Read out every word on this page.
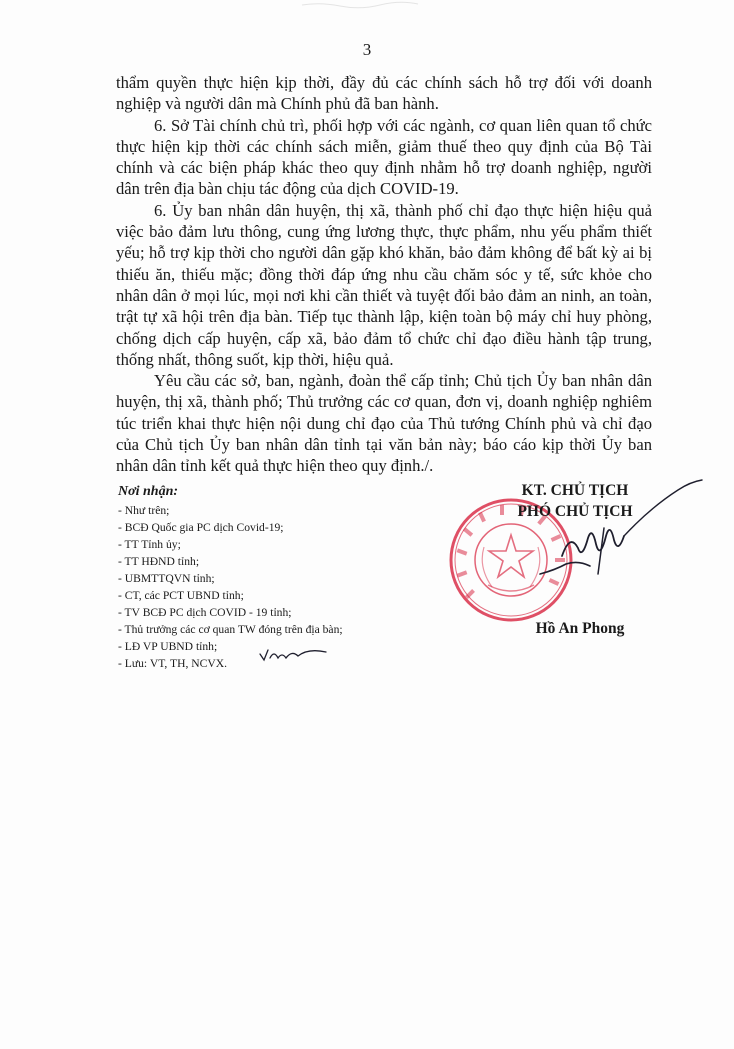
3

thẩm quyền thực hiện kịp thời, đầy đủ các chính sách hỗ trợ đối với doanh nghiệp và người dân mà Chính phủ đã ban hành.

6. Sở Tài chính chủ trì, phối hợp với các ngành, cơ quan liên quan tổ chức thực hiện kịp thời các chính sách miễn, giảm thuế theo quy định của Bộ Tài chính và các biện pháp khác theo quy định nhằm hỗ trợ doanh nghiệp, người dân trên địa bàn chịu tác động của dịch COVID-19.

6. Ủy ban nhân dân huyện, thị xã, thành phố chỉ đạo thực hiện hiệu quả việc bảo đảm lưu thông, cung ứng lương thực, thực phẩm, nhu yếu phẩm thiết yếu; hỗ trợ kịp thời cho người dân gặp khó khăn, bảo đảm không để bất kỳ ai bị thiếu ăn, thiếu mặc; đồng thời đáp ứng nhu cầu chăm sóc y tế, sức khỏe cho nhân dân ở mọi lúc, mọi nơi khi cần thiết và tuyệt đối bảo đảm an ninh, an toàn, trật tự xã hội trên địa bàn. Tiếp tục thành lập, kiện toàn bộ máy chỉ huy phòng, chống dịch cấp huyện, cấp xã, bảo đảm tổ chức chỉ đạo điều hành tập trung, thống nhất, thông suốt, kịp thời, hiệu quả.

Yêu cầu các sở, ban, ngành, đoàn thể cấp tỉnh; Chủ tịch Ủy ban nhân dân huyện, thị xã, thành phố; Thủ trưởng các cơ quan, đơn vị, doanh nghiệp nghiêm túc triển khai thực hiện nội dung chỉ đạo của Thủ tướng Chính phủ và chỉ đạo của Chủ tịch Ủy ban nhân dân tỉnh tại văn bản này; báo cáo kịp thời Ủy ban nhân dân tỉnh kết quả thực hiện theo quy định./.

Nơi nhận:
- Như trên;
- BCĐ Quốc gia PC dịch Covid-19;
- TT Tỉnh ủy;
- TT HĐND tỉnh;
- UBMTTQVN tỉnh;
- CT, các PCT UBND tỉnh;
- TV BCĐ PC dịch COVID - 19 tỉnh;
- Thủ trưởng các cơ quan TW đóng trên địa bàn;
- LĐ VP UBND tỉnh;
- Lưu: VT, TH, NCVX.
KT. CHỦ TỊCH
PHÓ CHỦ TỊCH
Hồ An Phong
